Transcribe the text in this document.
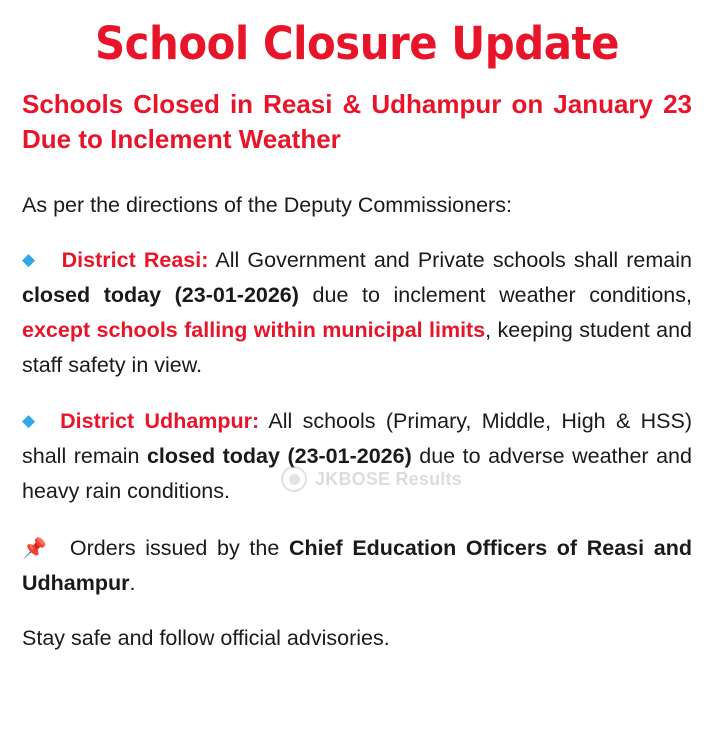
School Closure Update
Schools Closed in Reasi & Udhampur on January 23 Due to Inclement Weather

As per the directions of the Deputy Commissioners:

◆ District Reasi: All Government and Private schools shall remain closed today (23-01-2026) due to inclement weather conditions, except schools falling within municipal limits, keeping student and staff safety in view.

◆ District Udhampur: All schools (Primary, Middle, High & HSS) shall remain closed today (23-01-2026) due to adverse weather and heavy rain conditions.

📌 Orders issued by the Chief Education Officers of Reasi and Udhampur.

Stay safe and follow official advisories.

JKBOSE Results
